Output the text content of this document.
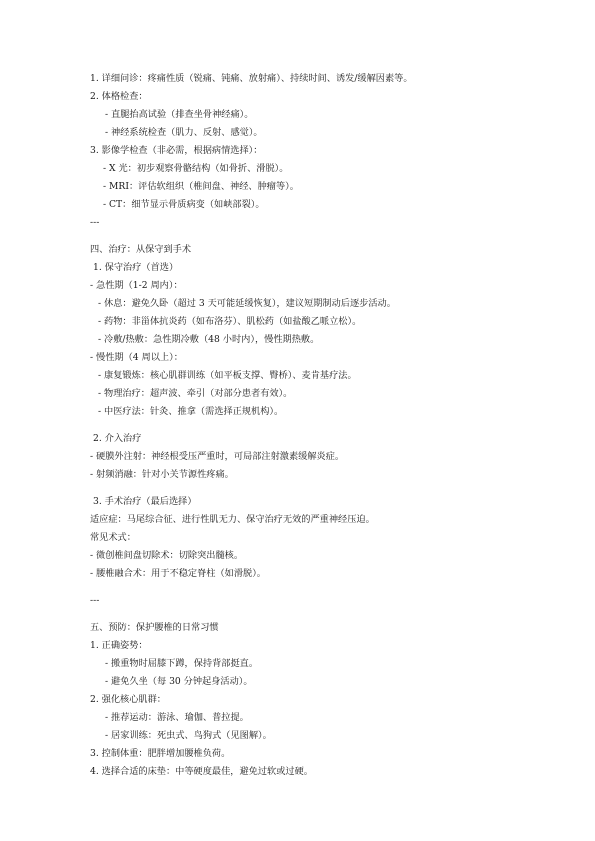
1. 详细问诊：疼痛性质（锐痛、钝痛、放射痛）、持续时间、诱发/缓解因素等。
2. 体格检查：
- 直腿抬高试验（排查坐骨神经痛）。
- 神经系统检查（肌力、反射、感觉）。
3. 影像学检查（非必需，根据病情选择）：
- X 光：初步观察骨骼结构（如骨折、滑脱）。
- MRI：评估软组织（椎间盘、神经、肿瘤等）。
- CT：细节显示骨质病变（如峡部裂）。
---
四、治疗：从保守到手术
1. 保守治疗（首选）
- 急性期（1-2 周内）：
- 休息：避免久卧（超过 3 天可能延缓恢复），建议短期制动后逐步活动。
- 药物：非甾体抗炎药（如布洛芬）、肌松药（如盐酸乙哌立松）。
- 冷敷/热敷：急性期冷敷（48 小时内），慢性期热敷。
- 慢性期（4 周以上）：
- 康复锻炼：核心肌群训练（如平板支撑、臀桥）、麦肯基疗法。
- 物理治疗：超声波、牵引（对部分患者有效）。
- 中医疗法：针灸、推拿（需选择正规机构）。
2. 介入治疗
- 硬膜外注射：神经根受压严重时，可局部注射激素缓解炎症。
- 射频消融：针对小关节源性疼痛。
3. 手术治疗（最后选择）
适应症：马尾综合征、进行性肌无力、保守治疗无效的严重神经压迫。
常见术式：
- 微创椎间盘切除术：切除突出髓核。
- 腰椎融合术：用于不稳定脊柱（如滑脱）。
---
五、预防：保护腰椎的日常习惯
1. 正确姿势：
- 搬重物时屈膝下蹲，保持背部挺直。
- 避免久坐（每 30 分钟起身活动）。
2. 强化核心肌群：
- 推荐运动：游泳、瑜伽、普拉提。
- 居家训练：死虫式、鸟狗式（见图解）。
3. 控制体重：肥胖增加腰椎负荷。
4. 选择合适的床垫：中等硬度最佳，避免过软或过硬。
